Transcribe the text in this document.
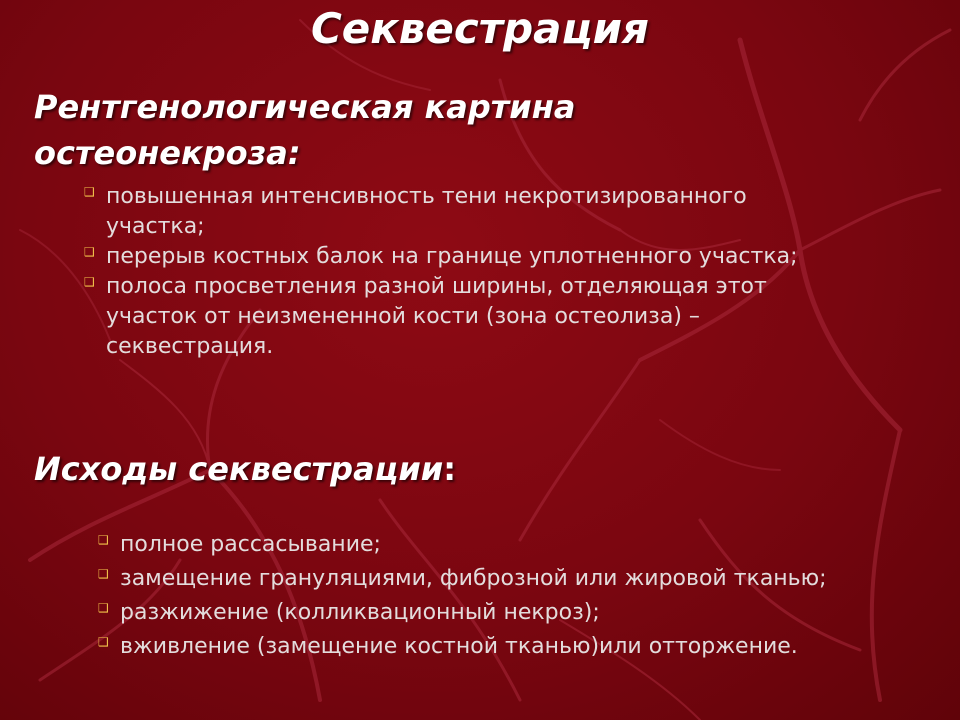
Секвестрация
Рентгенологическая картина
остеонекроза:
❑ повышенная интенсивность тени некротизированного
участка;
❑ перерыв костных балок на границе уплотненного участка;
❑ полоса просветления разной ширины, отделяющая этот
участок от неизмененной кости (зона остеолиза) –
секвестрация.
Исходы секвестрации:
❑ полное рассасывание;
❑ замещение грануляциями, фиброзной или жировой тканью;
❑ разжижение (колликвационный некроз);
❑ вживление (замещение костной тканью)или отторжение.
